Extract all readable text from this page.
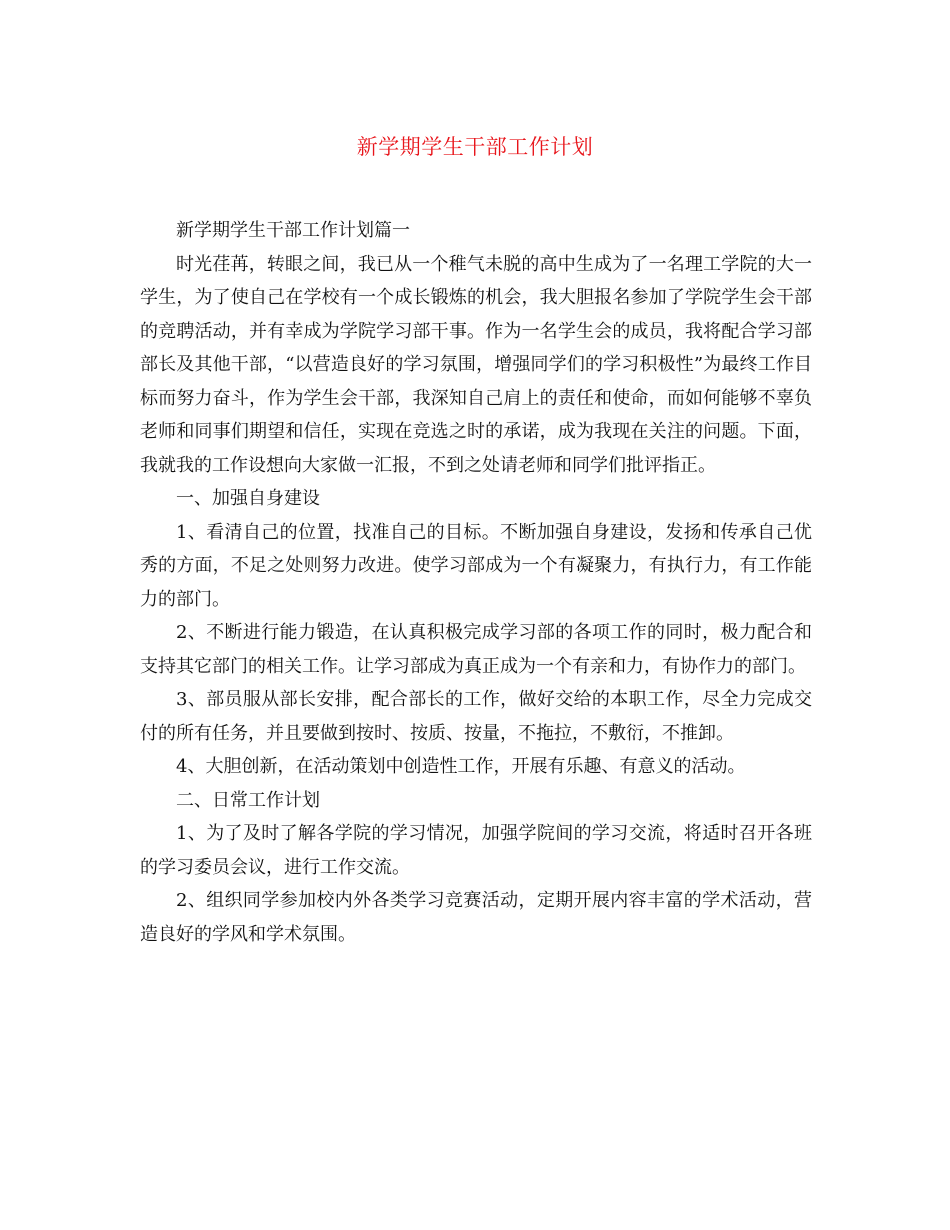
新学期学生干部工作计划

新学期学生干部工作计划篇一

时光荏苒，转眼之间，我已从一个稚气未脱的高中生成为了一名理工学院的大一学生，为了使自己在学校有一个成长锻炼的机会，我大胆报名参加了学院学生会干部的竞聘活动，并有幸成为学院学习部干事。作为一名学生会的成员，我将配合学习部部长及其他干部，“以营造良好的学习氛围，增强同学们的学习积极性”为最终工作目标而努力奋斗，作为学生会干部，我深知自己肩上的责任和使命，而如何能够不辜负老师和同事们期望和信任，实现在竞选之时的承诺，成为我现在关注的问题。下面，我就我的工作设想向大家做一汇报，不到之处请老师和同学们批评指正。

一、加强自身建设

1、看清自己的位置，找准自己的目标。不断加强自身建设，发扬和传承自己优秀的方面，不足之处则努力改进。使学习部成为一个有凝聚力，有执行力，有工作能力的部门。

2、不断进行能力锻造，在认真积极完成学习部的各项工作的同时，极力配合和支持其它部门的相关工作。让学习部成为真正成为一个有亲和力，有协作力的部门。

3、部员服从部长安排，配合部长的工作，做好交给的本职工作，尽全力完成交付的所有任务，并且要做到按时、按质、按量，不拖拉，不敷衍，不推卸。

4、大胆创新，在活动策划中创造性工作，开展有乐趣、有意义的活动。

二、日常工作计划

1、为了及时了解各学院的学习情况，加强学院间的学习交流，将适时召开各班的学习委员会议，进行工作交流。

2、组织同学参加校内外各类学习竞赛活动，定期开展内容丰富的学术活动，营造良好的学风和学术氛围。
